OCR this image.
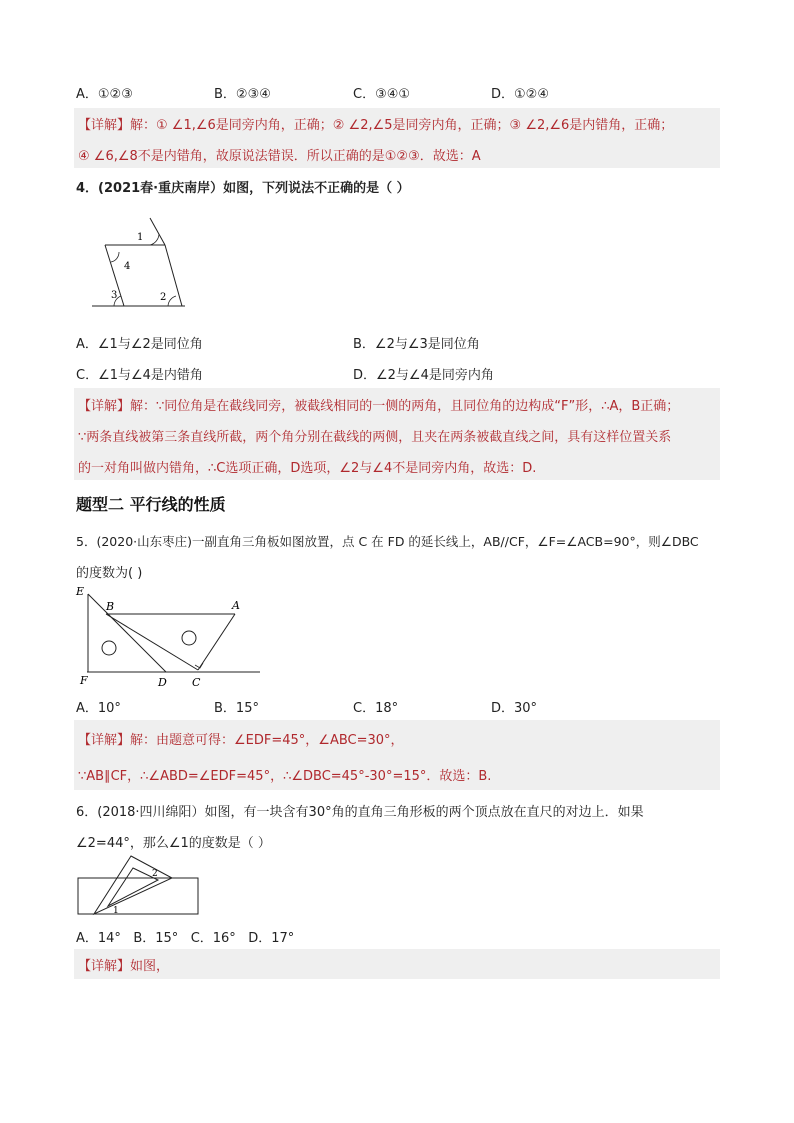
A．①②③	B．②③④	C．③④①	D．①②④
【详解】解：① ∠1,∠6是同旁内角，正确；② ∠2,∠5是同旁内角，正确；③ ∠2,∠6是内错角，正确；
④ ∠6,∠8不是内错角，故原说法错误．所以正确的是①②③．故选：A
4．(2021春·重庆南岸）如图，下列说法不正确的是（ ）
1
4
3	2
A．∠1与∠2是同位角	B．∠2与∠3是同位角
C．∠1与∠4是内错角	D．∠2与∠4是同旁内角
【详解】解：∵同位角是在截线同旁，被截线相同的一侧的两角，且同位角的边构成“F”形，∴A，B正确；
∵两条直线被第三条直线所截，两个角分别在截线的两侧，且夹在两条被截直线之间，具有这样位置关系
的一对角叫做内错角，∴C选项正确，D选项，∠2与∠4不是同旁内角，故选：D.
题型二 平行线的性质
5．(2020·山东枣庄)一副直角三角板如图放置，点 C 在 FD 的延长线上，AB//CF，∠F=∠ACB=90°，则∠DBC
的度数为( )
E
B	A
F	D C
A．10°	B．15°	C．18°	D．30°
【详解】解：由题意可得：∠EDF=45°，∠ABC=30°，
∵AB∥CF，∴∠ABD=∠EDF=45°，∴∠DBC=45°-30°=15°．故选：B.
6．(2018·四川绵阳）如图，有一块含有30°角的直角三角形板的两个顶点放在直尺的对边上．如果
∠2=44°，那么∠1的度数是（ ）
2
1
A．14°   B．15°   C．16°   D．17°
【详解】如图，
